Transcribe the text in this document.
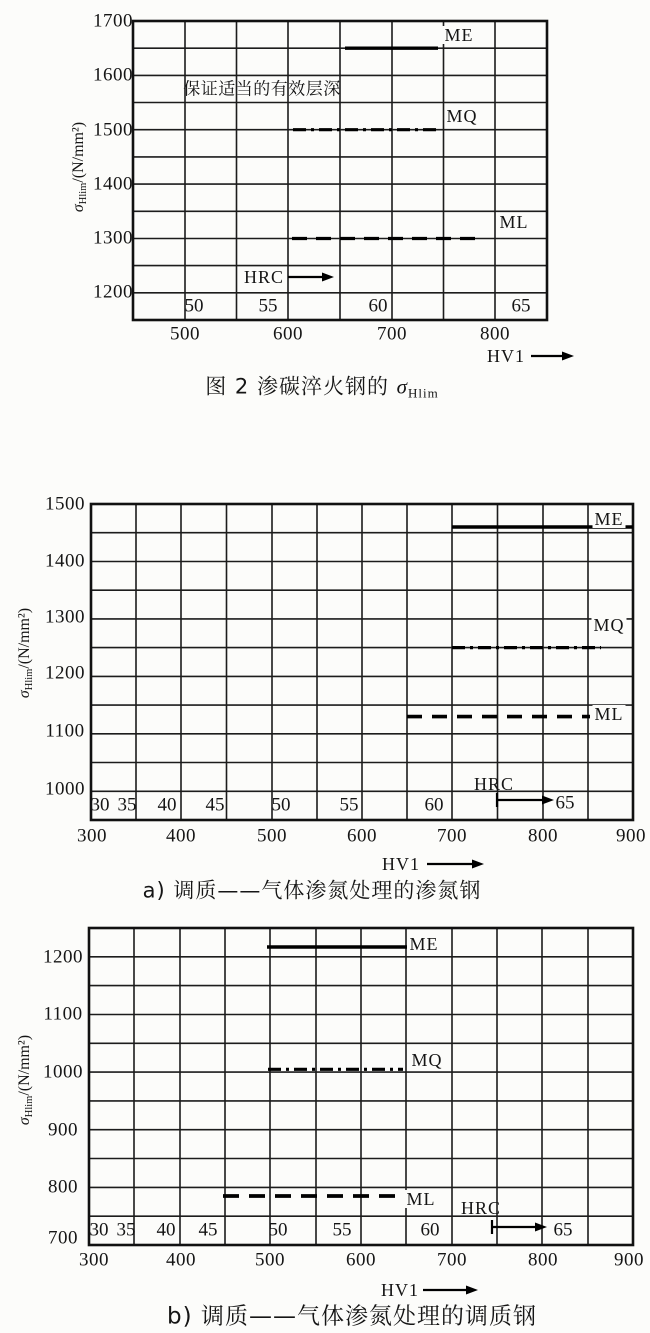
$\sigma_{Hlim}/(N/mm^2)$
1700
1600
1500
1400
1300
1200
500	600	700	800
50	55	60	65
HRC
保证适当的有效层深
ME
MQ
ML
HV1
图 2 渗碳淬火钢的 σHlim
$\sigma_{Hlim}/(N/mm^2)$
1500
1400
1300
1200
1100
1000
300	400	500	600	700	800	900
30 35 40 45 50	55	60	65
HRC
ME
MQ
ML
HV1
a) 调质——气体渗氮处理的渗氮钢
$\sigma_{Hlim}/(N/mm^2)$
1200
1100
1000
900
800
700
300	400	500	600	700	800	900
30 35 40 45	50 55	60	65
HRC
ME
MQ
ML
HV1
b) 调质——气体渗氮处理的调质钢
